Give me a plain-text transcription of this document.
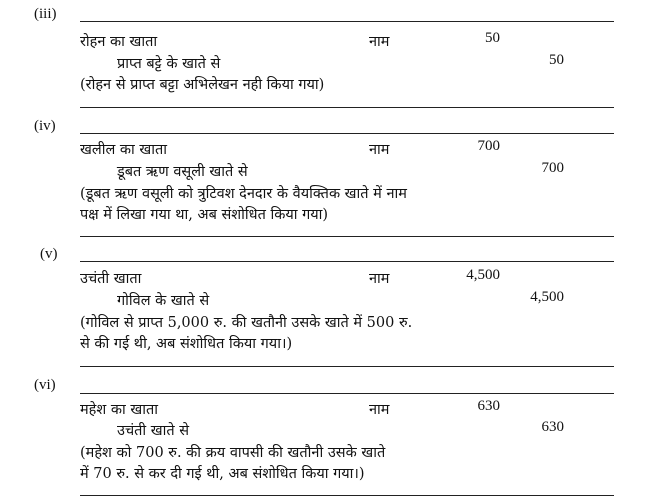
(iii)
रोहन का खाता	नाम	50
प्राप्त बट्टे के खाते से	50
(रोहन से प्राप्त बट्टा अभिलेखन नही किया गया)
(iv)
खलील का खाता	नाम	700
डूबत ऋण वसूली खाते से	700
(डूबत ऋण वसूली को त्रुटिवश देनदार के वैयक्तिक खाते में नाम
पक्ष में लिखा गया था, अब संशोधित किया गया)
(v)
उचंती खाता	नाम	4,500
गोविल के खाते से	4,500
(गोविल से प्राप्त 5,000 रु. की खतौनी उसके खाते में 500 रु.
से की गई थी, अब संशोधित किया गया।)
(vi)
महेश का खाता	नाम	630
उचंती खाते से	630
(महेश को 700 रु. की क्रय वापसी की खतौनी उसके खाते
में 70 रु. से कर दी गई थी, अब संशोधित किया गया।)
